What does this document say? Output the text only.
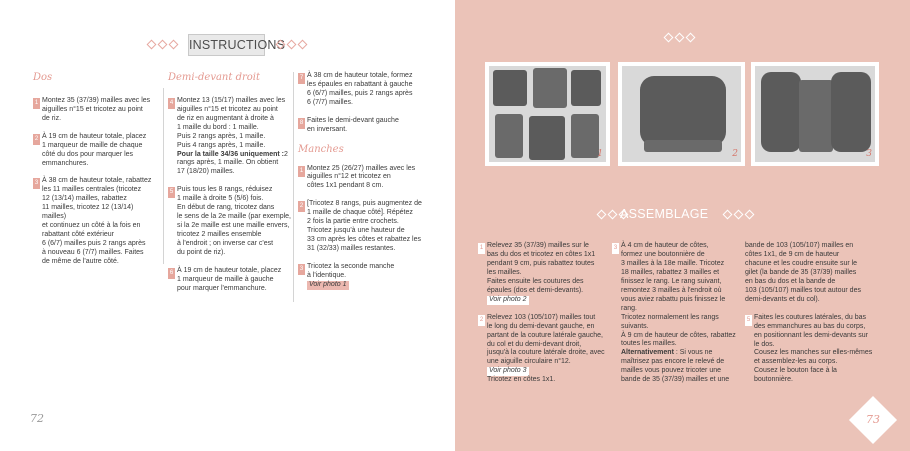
INSTRUCTIONS
Dos
1 Montez 35 (37/39) mailles avec les
aiguilles n°15 et tricotez au point
de riz.

2 À 19 cm de hauteur totale, placez
1 marqueur de maille de chaque
côté du dos pour marquer les
emmanchures.

3 À 38 cm de hauteur totale, rabattez
les 11 mailles centrales (tricotez
12 (13/14) mailles, rabattez
11 mailles, tricotez 12 (13/14) mailles)
et continuez un côté à la fois en
rabattant côté extérieur
6 (6/7) mailles puis 2 rangs après
à nouveau 6 (7/7) mailles. Faites
de même de l'autre côté.

Demi-devant droit
4 Montez 13 (15/17) mailles avec les
aiguilles n°15 et tricotez au point
de riz en augmentant à droite à
1 maille du bord : 1 maille.
Puis 2 rangs après, 1 maille.
Puis 4 rangs après, 1 maille.
Pour la taille 34/36 uniquement :2 rangs après, 1 maille. On obtient
17 (18/20) mailles.

5 Puis tous les 8 rangs, réduisez
1 maille à droite 5 (5/6) fois.
En début de rang, tricotez dans
le sens de la 2e maille (par exemple,
si la 2e maille est une maille envers,
tricotez 2 mailles ensemble
à l'endroit ; on inverse car c'est
du point de riz).

6 À 19 cm de hauteur totale, placez
1 marqueur de maille à gauche
pour marquer l'emmanchure.

7 À 38 cm de hauteur totale, formez
les épaules en rabattant à gauche
6 (6/7) mailles, puis 2 rangs après
6 (7/7) mailles.

8 Faites le demi-devant gauche
en inversant.

Manches
1 Montez 25 (26/27) mailles avec les
aiguilles n°12 et tricotez en
côtes 1x1 pendant 8 cm.

2 [Tricotez 8 rangs, puis augmentez de
1 maille de chaque côté]. Répétez
2 fois la partie entre crochets.
Tricotez jusqu'à une hauteur de
33 cm après les côtes et rabattez les
31 (32/33) mailles restantes.

3 Tricotez la seconde manche
à l'identique.
Voir photo 1

72
1	2	3
ASSEMBLAGE
1 Relevez 35 (37/39) mailles sur le
bas du dos et tricotez en côtes 1x1
pendant 9 cm, puis rabattez toutes
les mailles.
Faites ensuite les coutures des
épaules (dos et demi-devants).
Voir photo 2

2 Relevez 103 (105/107) mailles tout
le long du demi-devant gauche, en
partant de la couture latérale gauche,
du col et du demi-devant droit,
jusqu'à la couture latérale droite, avec
une aiguille circulaire n°12.
Voir photo 3
Tricotez en côtes 1x1.

3 À 4 cm de hauteur de côtes,
formez une boutonnière de
3 mailles à la 18e maille. Tricotez
18 mailles, rabattez 3 mailles et
finissez le rang. Le rang suivant,
remontez 3 mailles à l'endroit où
vous aviez rabattu puis finissez le
rang.
Tricotez normalement les rangs
suivants.
À 9 cm de hauteur de côtes, rabattez
toutes les mailles.
Alternativement : Si vous ne
maîtrisez pas encore le relevé de
mailles vous pouvez tricoter une
bande de 35 (37/39) mailles et une

bande de 103 (105/107) mailles en
côtes 1x1, de 9 cm de hauteur
chacune et les coudre ensuite sur le
gilet (la bande de 35 (37/39) mailles
en bas du dos et la bande de
103 (105/107) mailles tout autour des
demi-devants et du col).
5 Faites les coutures latérales, du bas
des emmanchures au bas du corps,
en positionnant les demi-devants sur
le dos.
Cousez les manches sur elles-mêmes
et assemblez-les au corps.
Cousez le bouton face à la boutonnière.

73
